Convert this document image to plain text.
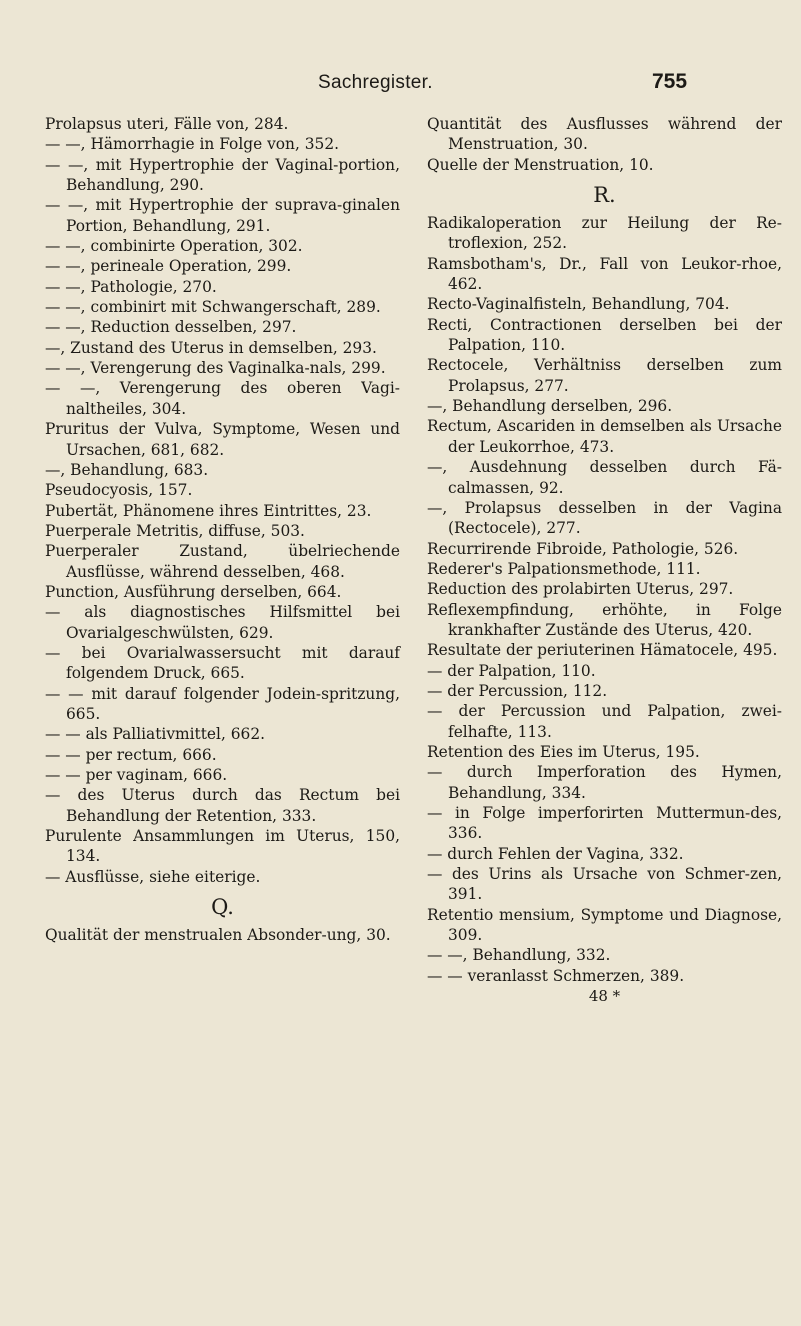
Sachregister.	755

Prolapsus uteri, Fälle von, 284.

— —, Hämorrhagie in Folge von, 352.

— —, mit Hypertrophie der Vaginal-portion, Behandlung, 290.

— —, mit Hypertrophie der suprava-ginalen Portion, Behandlung, 291.

— —, combinirte Operation, 302.

— —, perineale Operation, 299.

— —, Pathologie, 270.

— —, combinirt mit Schwangerschaft, 289.

— —, Reduction desselben, 297.

—, Zustand des Uterus in demselben, 293.

— —, Verengerung des Vaginalka-nals, 299.

— —, Verengerung des oberen Vagi-naltheiles, 304.

Pruritus der Vulva, Symptome, Wesen und Ursachen, 681, 682.

—, Behandlung, 683.

Pseudocyosis, 157.

Pubertät, Phänomene ihres Eintrittes, 23.

Puerperale Metritis, diffuse, 503.

Puerperaler Zustand, übelriechende Ausflüsse, während desselben, 468.

Punction, Ausführung derselben, 664.

— als diagnostisches Hilfsmittel bei Ovarialgeschwülsten, 629.

— bei Ovarialwassersucht mit darauf folgendem Druck, 665.

— — mit darauf folgender Jodein-spritzung, 665.

— — als Palliativmittel, 662.

— — per rectum, 666.

— — per vaginam, 666.

— des Uterus durch das Rectum bei Behandlung der Retention, 333.

Purulente Ansammlungen im Uterus, 150, 134.

— Ausflüsse, siehe eiterige.

Q.

Qualität der menstrualen Absonder-ung, 30.

Quantität des Ausflusses während der Menstruation, 30.

Quelle der Menstruation, 10.

R.

Radikaloperation zur Heilung der Re-troflexion, 252.

Ramsbotham's, Dr., Fall von Leukor-rhoe, 462.

Recto-Vaginalfisteln, Behandlung, 704.

Recti, Contractionen derselben bei der Palpation, 110.

Rectocele, Verhältniss derselben zum Prolapsus, 277.

—, Behandlung derselben, 296.

Rectum, Ascariden in demselben als Ursache der Leukorrhoe, 473.

—, Ausdehnung desselben durch Fä-calmassen, 92.

—, Prolapsus desselben in der Vagina (Rectocele), 277.

Recurrirende Fibroide, Pathologie, 526.

Rederer's Palpationsmethode, 111.

Reduction des prolabirten Uterus, 297.

Reflexempfindung, erhöhte, in Folge krankhafter Zustände des Uterus, 420.

Resultate der periuterinen Hämatocele, 495.

— der Palpation, 110.

— der Percussion, 112.

— der Percussion und Palpation, zwei-felhafte, 113.

Retention des Eies im Uterus, 195.

— durch Imperforation des Hymen, Behandlung, 334.

— in Folge imperforirten Muttermun-des, 336.

— durch Fehlen der Vagina, 332.

— des Urins als Ursache von Schmer-zen, 391.

Retentio mensium, Symptome und Diagnose, 309.

— —, Behandlung, 332.

— — veranlasst Schmerzen, 389.

48 *
